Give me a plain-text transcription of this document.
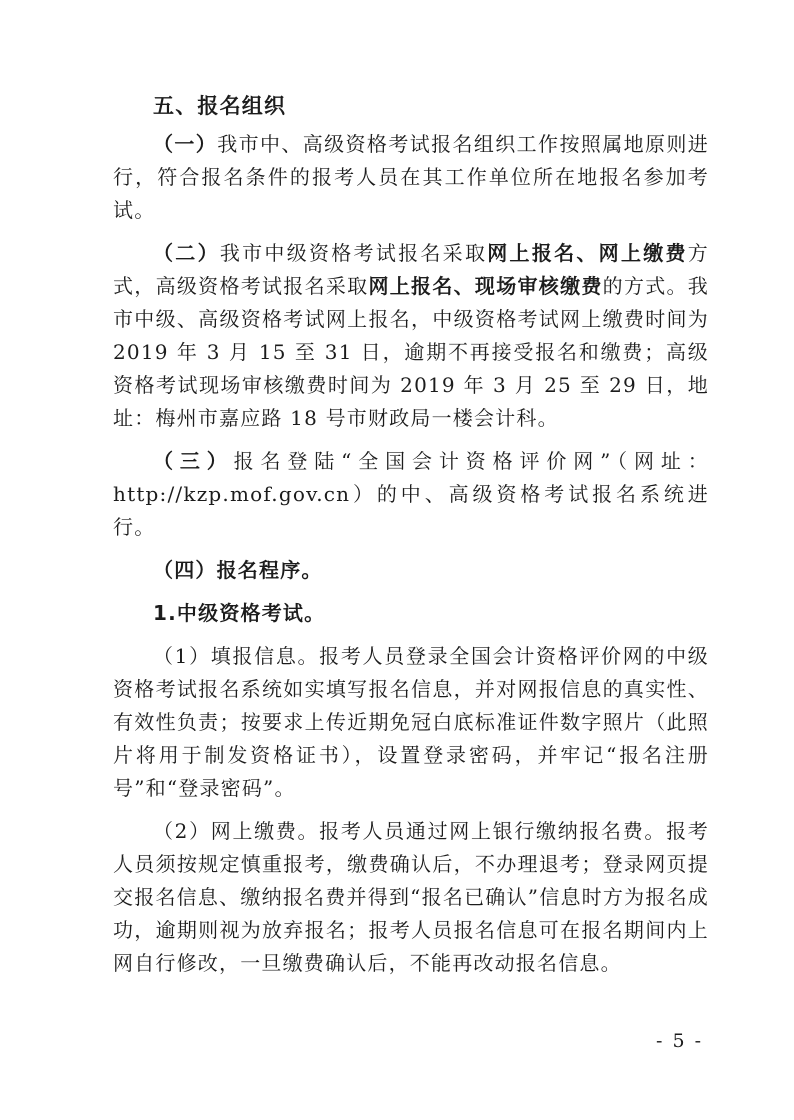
五、报名组织

（一）我市中、高级资格考试报名组织工作按照属地原则进行，符合报名条件的报考人员在其工作单位所在地报名参加考试。

（二）我市中级资格考试报名采取网上报名、网上缴费方式，高级资格考试报名采取网上报名、现场审核缴费的方式。我市中级、高级资格考试网上报名，中级资格考试网上缴费时间为 2019 年 3 月 15 至 31 日，逾期不再接受报名和缴费；高级资格考试现场审核缴费时间为 2019 年 3 月 25 至 29 日，地址：梅州市嘉应路 18 号市财政局一楼会计科。

（三）报名登陆“全国会计资格评价网”（网址：http://kzp.mof.gov.cn）的中、高级资格考试报名系统进行。

（四）报名程序。

1.中级资格考试。

（1）填报信息。报考人员登录全国会计资格评价网的中级资格考试报名系统如实填写报名信息，并对网报信息的真实性、有效性负责；按要求上传近期免冠白底标准证件数字照片（此照片将用于制发资格证书），设置登录密码，并牢记“报名注册号”和“登录密码”。

（2）网上缴费。报考人员通过网上银行缴纳报名费。报考人员须按规定慎重报考，缴费确认后，不办理退考；登录网页提交报名信息、缴纳报名费并得到“报名已确认”信息时方为报名成功，逾期则视为放弃报名；报考人员报名信息可在报名期间内上网自行修改，一旦缴费确认后，不能再改动报名信息。

- 5 -
